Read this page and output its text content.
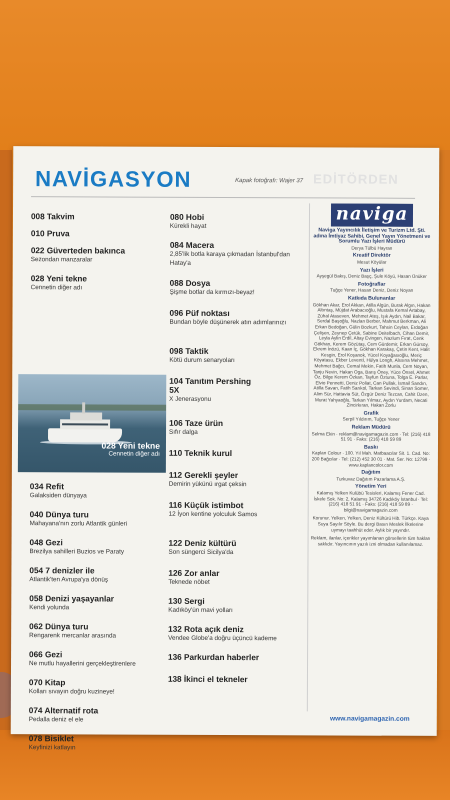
NAVİGASYON	Kapak fotoğrafı: Wajer 37 EDİTÖRDEN
008 Takvim
010 Pruva
022 Güverteden bakınca
Sezondan manzaralar
028 Yeni tekne
Cennetin diğer adı
028 Yeni tekne
Cennetin diğer adı
034 Refit
Galaksiden dünyaya
040 Dünya turu
Mahayana'nın zorlu Atlantik günleri
048 Gezi
Brezilya sahilleri Buzios ve Paraty
054 7 denizler ile
Atlantik'ten Avrupa'ya dönüş
058 Denizi yaşayanlar
Kendi yolunda
062 Dünya turu
Rengarenk mercanlar arasında
066 Gezi
Ne mutlu hayallerini gerçekleştirenlere
070 Kitap
Kolları sıvayın doğru kuzineye!
074 Alternatif rota
Pedalla deniz el ele
078 Bisiklet
Keyfinizi katlayın
080 Hobi
Kürekli hayat
084 Macera
2,85'lik botla karaya çıkmadan İstanbul'dan Hatay'a
088 Dosya
Şişme botlar da kırmızı-beyaz!
096 Püf noktası
Bundan böyle düşünerek atın adımlarınızı
098 Taktik
Kötü durum senaryoları
104 Tanıtım Pershing 5X
X Jenerasyonu
106 Taze ürün
Sıfır dalga
110 Teknik kurul
112 Gerekli şeyler
Demirin yükünü ırgat çeksin
116 Küçük istimbot
12 İyon kentine yolculuk Samos
122 Deniz kültürü
Son süngerci Sicilya'da
126 Zor anlar
Teknede nöbet
130 Sergi
Kadıköy'ün mavi yolları
132 Rota açık deniz
Vendee Globe'a doğru üçüncü kademe
136 Parkurdan haberler
138 İkinci el tekneler
naviga
Naviga Yayıncılık İletişim ve Turizm Ltd. Şti. adına İmtiyaz Sahibi, Genel Yayın Yönetmeni ve Sorumlu Yazı İşleri Müdürü
Derya Tülbü Hayran
Kreatif Direktör
Mesut Köyülar
Yazı İşleri
Ayşegül Bakış, Deniz Başç, Şule Köyü, Hasan Ünüker
Fotoğraflar
Tuğçe Yener, Hasan Deniz, Deniz Noyan
Katkıda Bulunanlar
Gökhan Akar, Erol Akkan, Atilla Algün, Burak Algın, Hakan Altıntaş, Müjdat Arabacıoğlu, Mustafa Kemal Artabay, Zühal Ataseven, Mehmet Ateş, Işık Aydın, Nail Bakar, Serdal Başoğlu, Nazlan Berber, Mahmut Berkman, Ali Erkan Bedoğan, Gülin Bozkurt, Tahsin Ceylan, Erdoğan Çelişen, Zeynep Çetük, Sabine Deitelbach, Cihan Demir, Leyla Aylin Erdil, Altay Evingen, Nazlum Fırat, Cenk Gökhan, Kerem Gözütaş, Cem Gürdemir, Erkan Gürsoy, Ekrem İnözü, Kaan İç, Gökhan Karakaş, Çetin Kent, Halit Kesgin, Erol Koşanok, Yücel Koyağasıoğlu, Meriç Köyatasu, Ekber Leventİ, Hülya Longh, Alssına Mehmet, Mehmet Bağcı, Cemal Mekin, Fatih Munla, Cem Noyan, Tanju Nevin, Hakan Oga, Barış Öney, Yüce Önsel, Ahmet Öz, Bilge Kerem Özkan, Tayfun Öztuna, Tolga E. Parlar, Elvio Pennetti, Deniz Poliat, Can Pullak, İsmail Sandın, Atilla Savan, Fatih Sarıkol, Tarkan Sevindi, Sinan Somer, Alim Sür, Hattavia Süt, Özgür Deniz Tezcan, Cahit Üzen, Murat Yahyaoğlu, Tarkan Yılmaz, Aydın Yurdam, Necati Zincirkıran, Hakan Zorlu
Grafik
Serpil Yıldırım, Tuğçe Yener
Reklam Müdürü
Selma Ekin · reklam@navigamagazin.com · Tel: (216) 418 51 91 · Faks: (216) 418 59 89
Baskı
Kaplan Colour · 100. Yıl Mah. Matbaacılar Sit. 1. Cad. No: 200 Bağcılar · Tel: (212) 452 30 01 · Mat. Ser. No: 12799 · www.kaplancolor.com
Dağıtım
Turkuvaz Dağıtım Pazarlama A.Ş.
Yönetim Yeri
Kalamış Yelken Kulübü Tesisleri, Kalamış Fener Cad. İskele Sok. No: 2, Kalamış 34726 Kadıköy İstanbul · Tel: (216) 418 51 91 · Faks: (216) 418 59 89 · bilgi@navigamagazin.com
Korunur. Yelken, Yelken, Deniz Kültürü Hib. Türkçe. Kaya Suya Sayılır Söyle. Bu dergi Basın Meslek İlkelerine uymayı taahhüt eder. Aylık bir yayındır.
Reklam, ilanlar, içerikler yayımlanan görsellerin tüm hakları saklıdır. Yayıncının yazılı izni olmadan kullanılamaz.
www.navigamagazin.com
